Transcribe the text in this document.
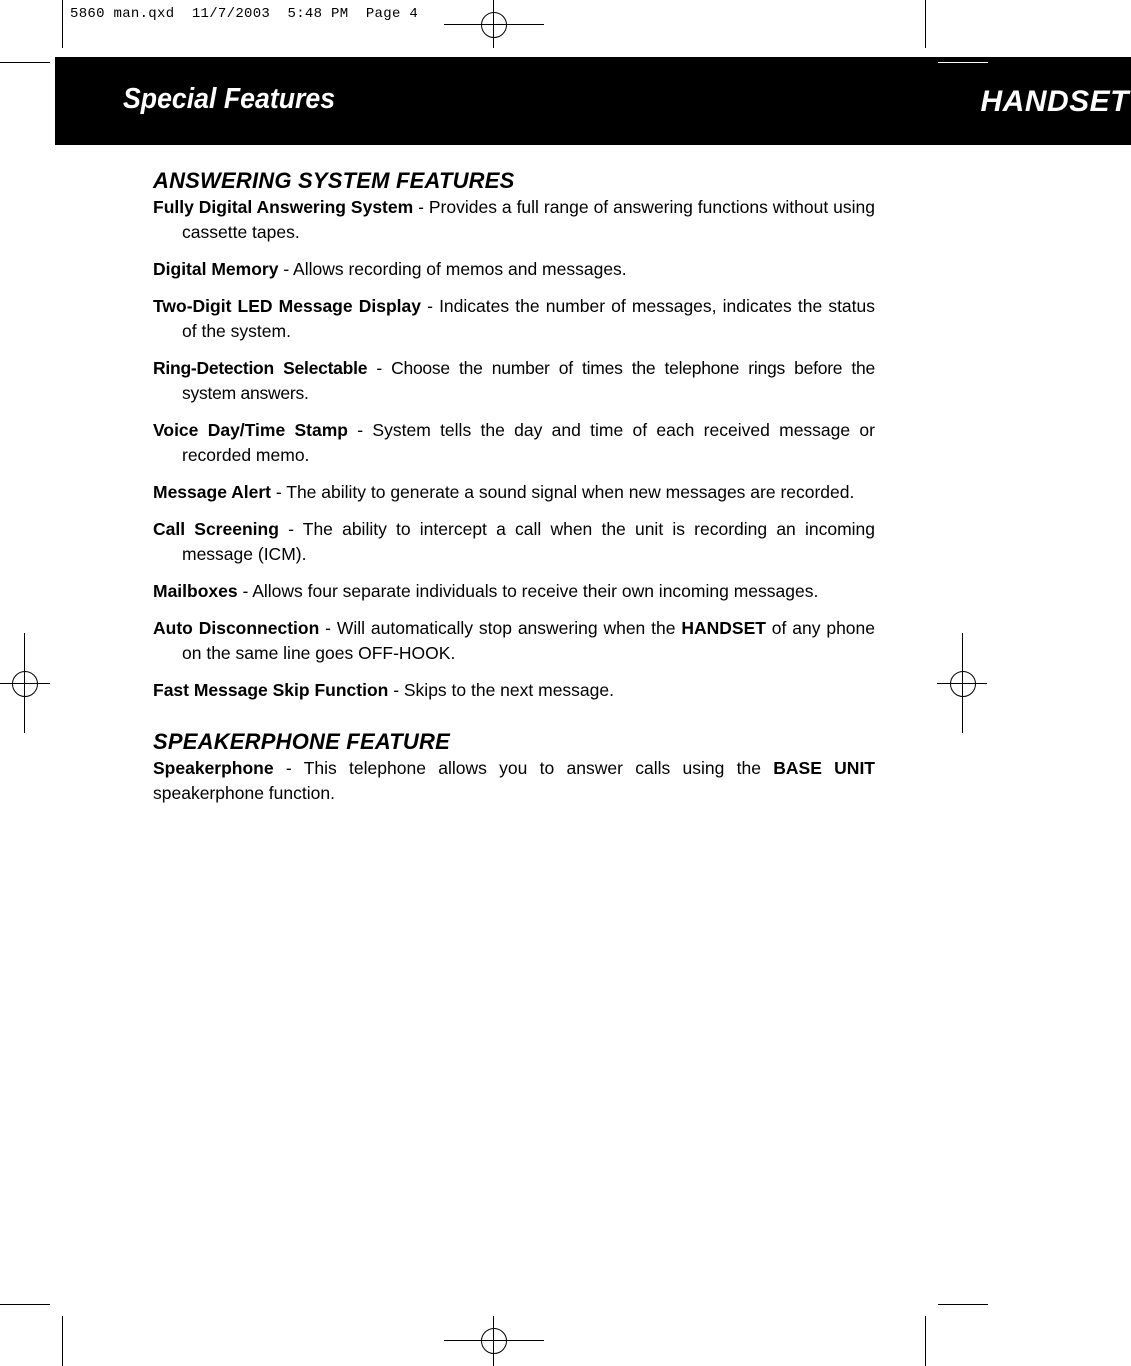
5860 man.qxd  11/7/2003  5:48 PM  Page 4
Special Features	HANDSET
ANSWERING SYSTEM FEATURES

Fully Digital Answering System - Provides a full range of answering functions without using cassette tapes.

Digital Memory - Allows recording of memos and messages.

Two-Digit LED Message Display - Indicates the number of messages, indicates the status of the system.

Ring-Detection Selectable - Choose the number of times the telephone rings before the system answers.

Voice Day/Time Stamp - System tells the day and time of each received message or recorded memo.

Message Alert - The ability to generate a sound signal when new messages are recorded.

Call Screening - The ability to intercept a call when the unit is recording an incoming message (ICM).

Mailboxes - Allows four separate individuals to receive their own incoming messages.

Auto Disconnection - Will automatically stop answering when the HANDSET of any phone on the same line goes OFF-HOOK.

Fast Message Skip Function - Skips to the next message.

SPEAKERPHONE FEATURE

Speakerphone - This telephone allows you to answer calls using the BASE UNIT speakerphone function.
